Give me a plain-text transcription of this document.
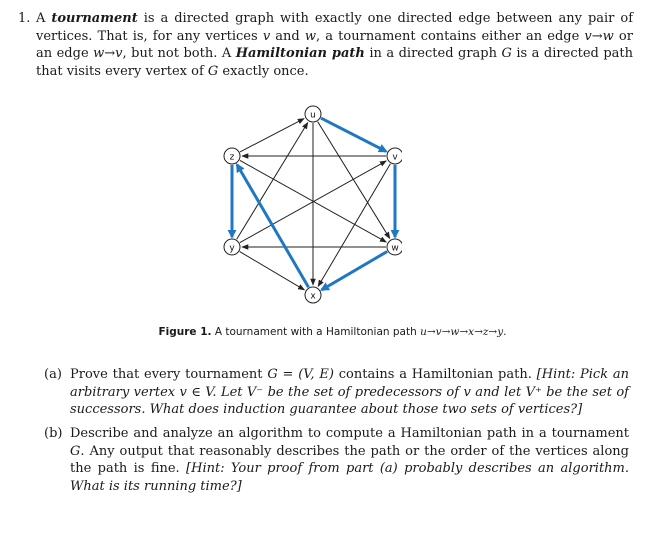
1. A tournament is a directed graph with exactly one directed edge between any pair of vertices. That is, for any vertices v and w, a tournament contains either an edge v→w or an edge w→v, but not both. A Hamiltonian path in a directed graph G is a directed path that visits every vertex of G exactly once.
u
v
w
x
y
z
Figure 1. A tournament with a Hamiltonian path u→v→w→x→z→y.
(a) Prove that every tournament G = (V, E) contains a Hamiltonian path. [Hint: Pick an arbitrary vertex v ∈ V. Let V⁻ be the set of predecessors of v and let V⁺ be the set of successors. What does induction guarantee about those two sets of vertices?]
(b) Describe and analyze an algorithm to compute a Hamiltonian path in a tournament G. Any output that reasonably describes the path or the order of the vertices along the path is fine. [Hint: Your proof from part (a) probably describes an algorithm. What is its running time?]
